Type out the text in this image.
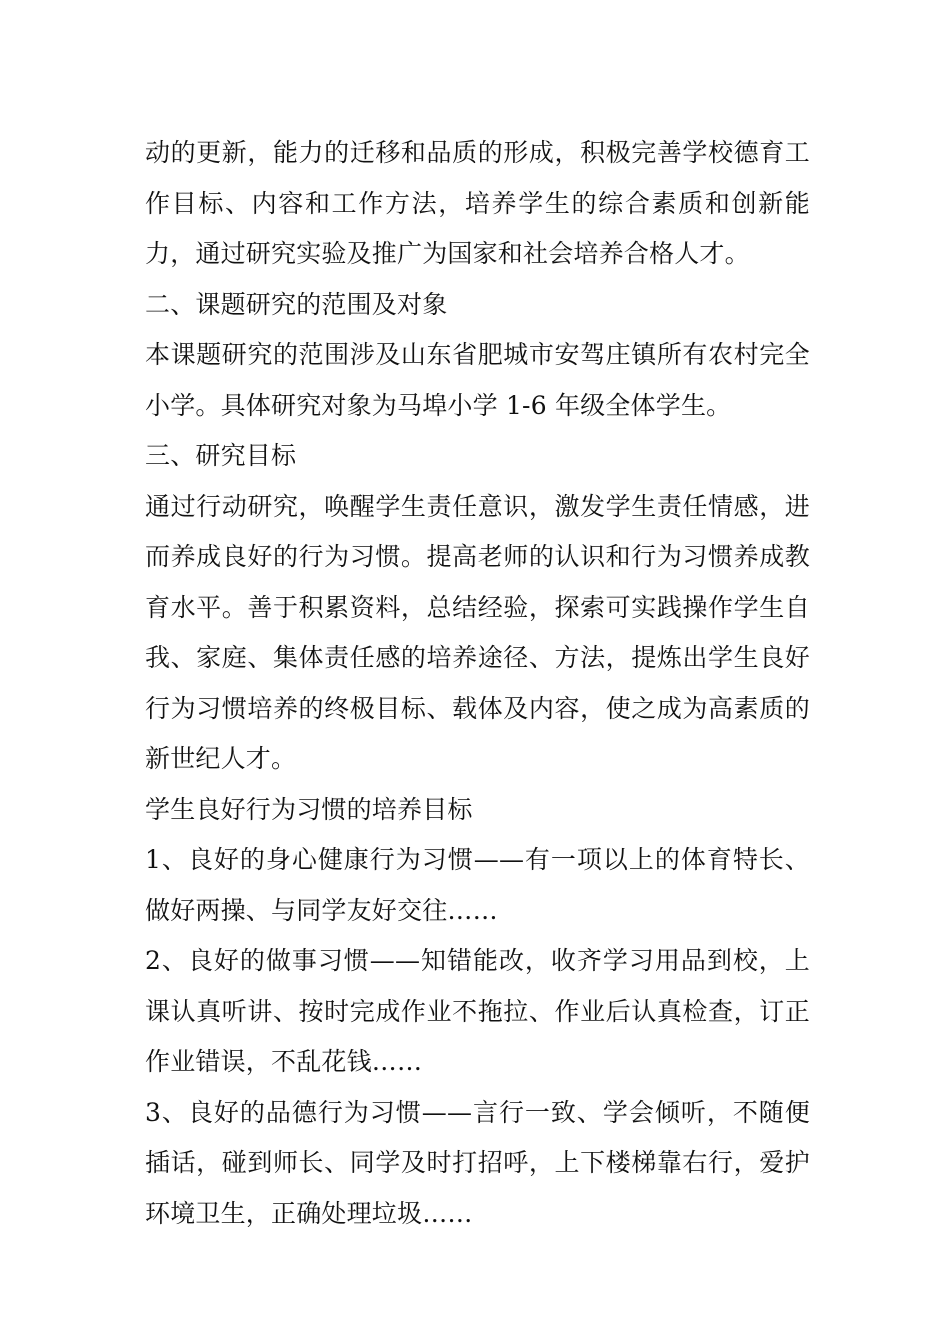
动的更新，能力的迁移和品质的形成，积极完善学校德育工作目标、内容和工作方法，培养学生的综合素质和创新能力，通过研究实验及推广为国家和社会培养合格人才。

二、课题研究的范围及对象

本课题研究的范围涉及山东省肥城市安驾庄镇所有农村完全小学。具体研究对象为马埠小学 1-6 年级全体学生。

三、研究目标

通过行动研究，唤醒学生责任意识，激发学生责任情感，进而养成良好的行为习惯。提高老师的认识和行为习惯养成教育水平。善于积累资料，总结经验，探索可实践操作学生自我、家庭、集体责任感的培养途径、方法，提炼出学生良好行为习惯培养的终极目标、载体及内容，使之成为高素质的新世纪人才。

学生良好行为习惯的培养目标

1、良好的身心健康行为习惯——有一项以上的体育特长、做好两操、与同学友好交往……

2、良好的做事习惯——知错能改，收齐学习用品到校，上课认真听讲、按时完成作业不拖拉、作业后认真检查，订正作业错误，不乱花钱……

3、良好的品德行为习惯——言行一致、学会倾听，不随便插话，碰到师长、同学及时打招呼，上下楼梯靠右行，爱护环境卫生，正确处理垃圾……
